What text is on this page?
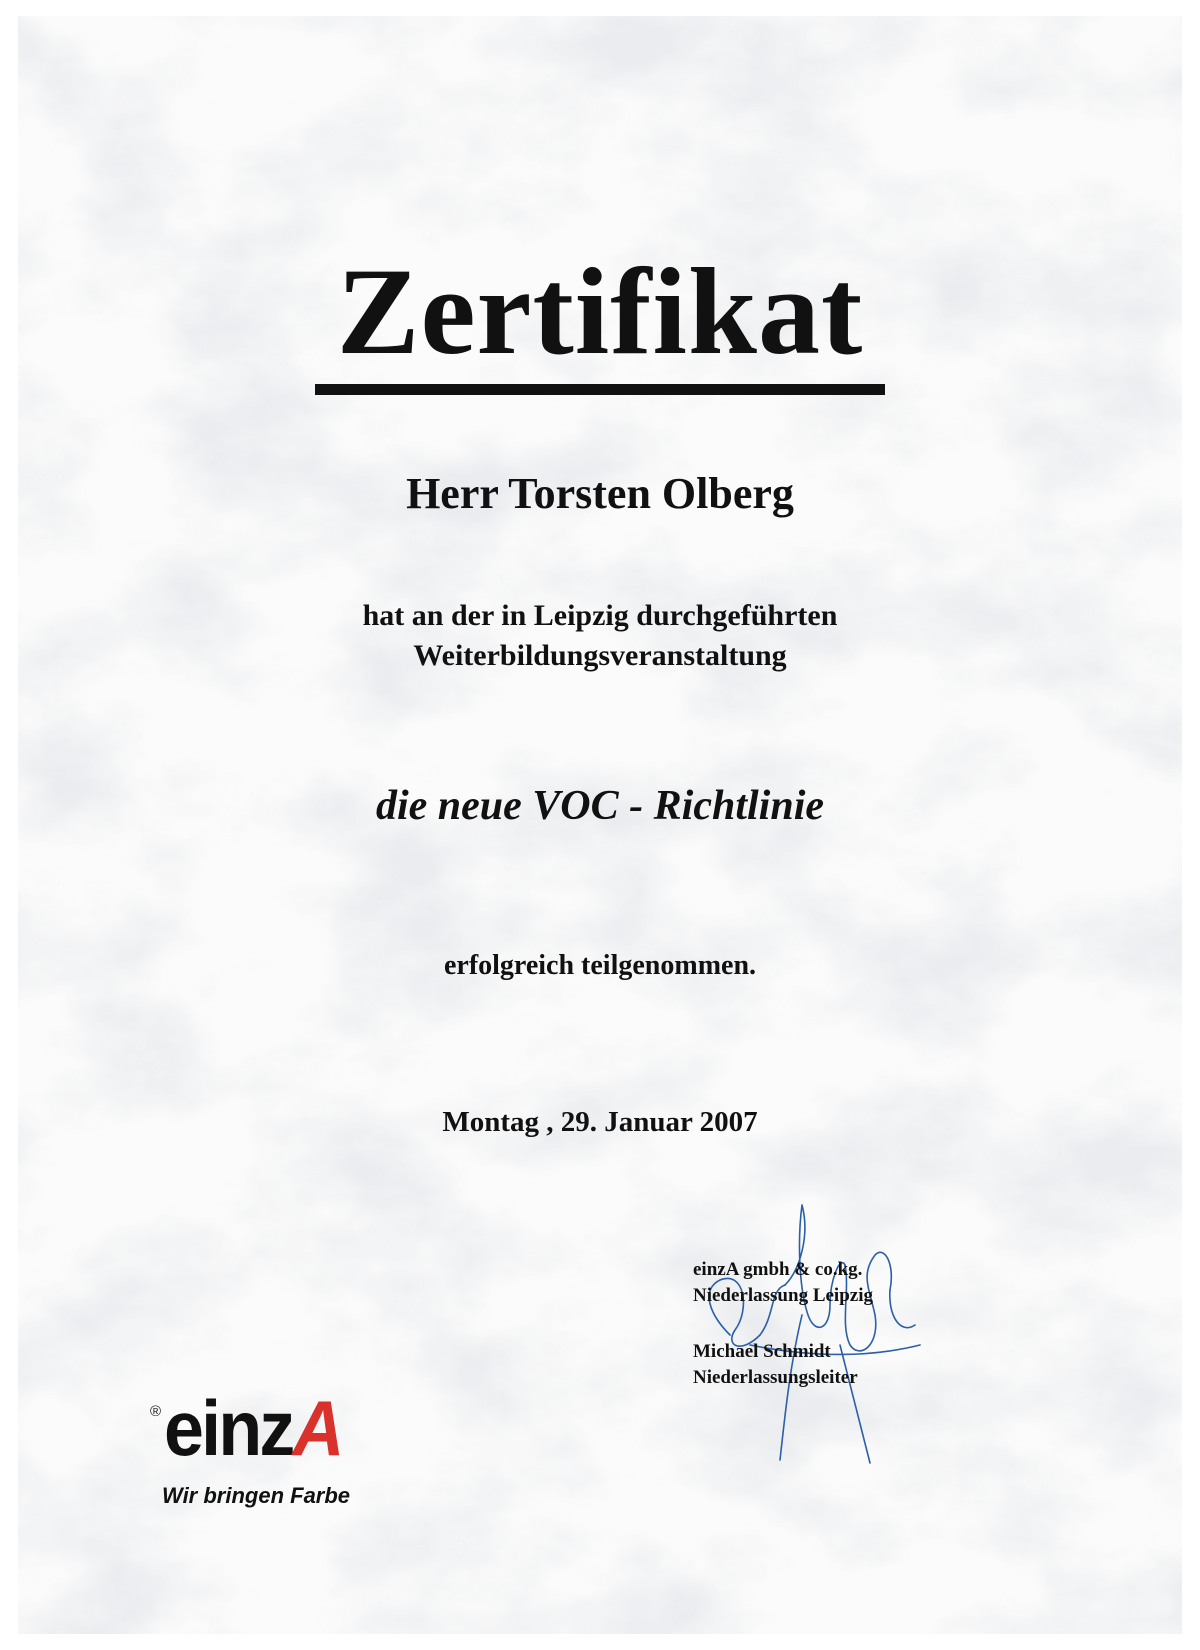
Zertifikat
Herr Torsten Olberg
hat an der in Leipzig durchgeführten
Weiterbildungsveranstaltung
die neue VOC - Richtlinie
erfolgreich teilgenommen.
Montag , 29. Januar 2007
einzA gmbh & co.kg.
Niederlassung Leipzig
Michael Schmidt
Niederlassungsleiter
® einzA
Wir bringen Farbe
